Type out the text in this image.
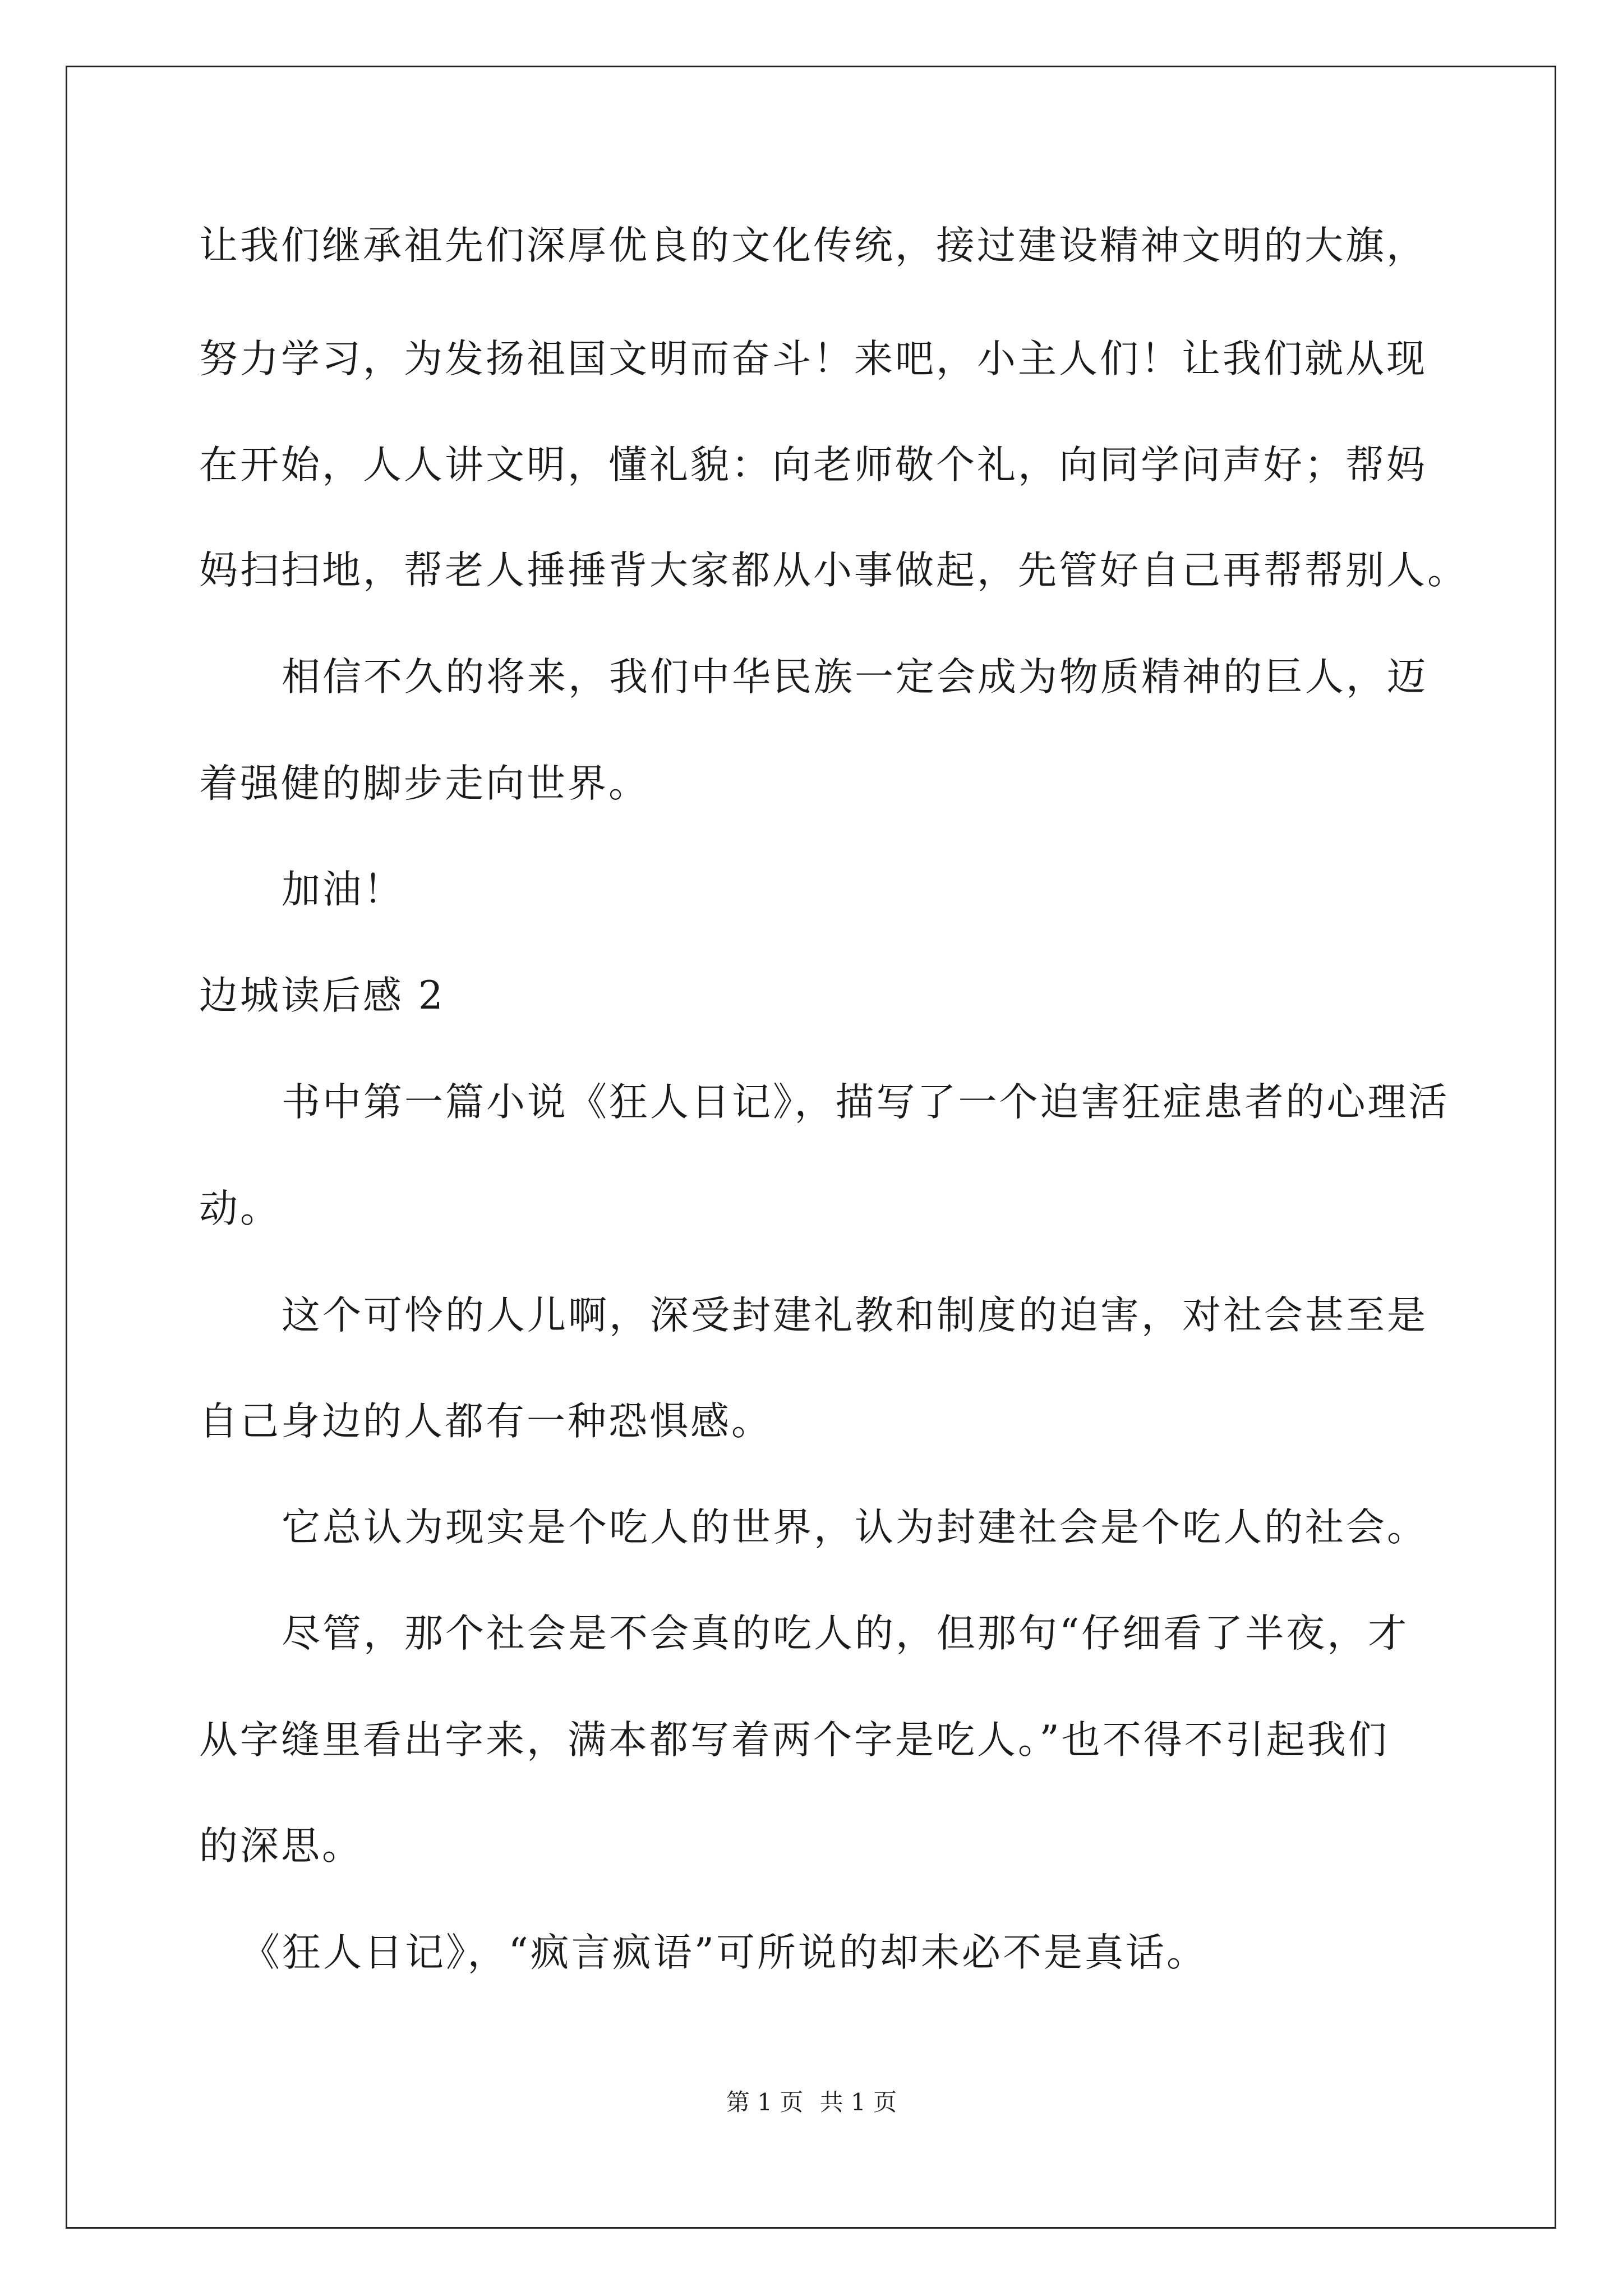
让我们继承祖先们深厚优良的文化传统，接过建设精神文明的大旗，
努力学习，为发扬祖国文明而奋斗！来吧，小主人们！让我们就从现
在开始，人人讲文明，懂礼貌：向老师敬个礼，向同学问声好；帮妈
妈扫扫地，帮老人捶捶背大家都从小事做起，先管好自己再帮帮别人。
相信不久的将来，我们中华民族一定会成为物质精神的巨人，迈
着强健的脚步走向世界。
加油！
边城读后感 2
书中第一篇小说《狂人日记》，描写了一个迫害狂症患者的心理活
动。
这个可怜的人儿啊，深受封建礼教和制度的迫害，对社会甚至是
自己身边的人都有一种恐惧感。
它总认为现实是个吃人的世界，认为封建社会是个吃人的社会。
尽管，那个社会是不会真的吃人的，但那句“仔细看了半夜，才
从字缝里看出字来，满本都写着两个字是吃人。”也不得不引起我们
的深思。
《狂人日记》，“疯言疯语”可所说的却未必不是真话。
第 1 页 共 1 页
